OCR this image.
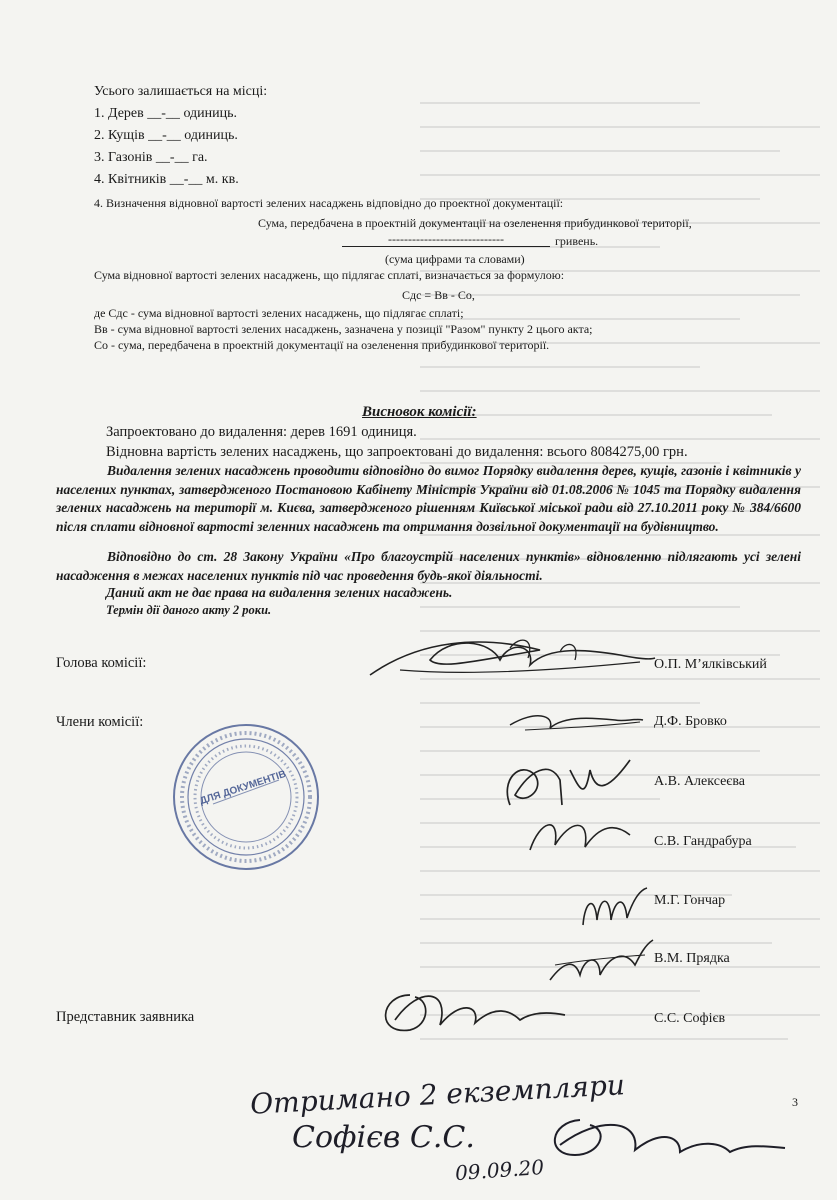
Усього залишається на місці:
1. Дерев __-__ одиниць.
2. Кущів __-__ одиниць.
3. Газонів __-__ га.
4. Квітників __-__ м. кв.
4. Визначення відновної вартості зелених насаджень відповідно до проектної документації:
Сума, передбачена в проектній документації на озеленення прибудинкової території,
-----------------------------	гривень.
(сума цифрами та словами)
Сума відновної вартості зелених насаджень, що підлягає сплаті, визначається за формулою:
Сдс = Вв - Со,
де Сдс - сума відновної вартості зелених насаджень, що підлягає сплаті;
Вв - сума відновної вартості зелених насаджень, зазначена у позиції "Разом" пункту 2 цього акта;
Со - сума, передбачена в проектній документації на озеленення прибудинкової території.
Висновок комісії:
Запроектовано до видалення: дерев 1691 одиниця.
Відновна вартість зелених насаджень, що запроектовані до видалення: всього 8084275,00 грн.
Видалення зелених насаджень проводити відповідно до вимог Порядку видалення дерев, кущів, газонів і квітників у населених пунктах, затвердженого Постановою Кабінету Міністрів України від 01.08.2006 № 1045 та Порядку видалення зелених насаджень на території м. Києва, затвердженого рішенням Київської міської ради від 27.10.2011 року № 384/6600 після сплати відновної вартості зеленних насаджень та отримання дозвільної документації на будівництво.
Відповідно до ст. 28 Закону України «Про благоустрій населених пунктів» відновленню підлягають усі зелені насадження в межах населених пунктів під час проведення будь-якої діяльності.
Даний акт не дає права на видалення зелених насаджень.
Термін дії даного акту 2 роки.
Голова комісії:	О.П. М’ялківський
Члени комісії:	Д.Ф. Бровко
А.В. Алексеєва
С.В. Гандрабура
М.Г. Гончар
В.М. Прядка
Представник заявника	С.С. Софієв
ДЛЯ ДОКУМЕНТІВ
Отримано 2 екземпляри
Софієв С.С.
09.09.20
3
